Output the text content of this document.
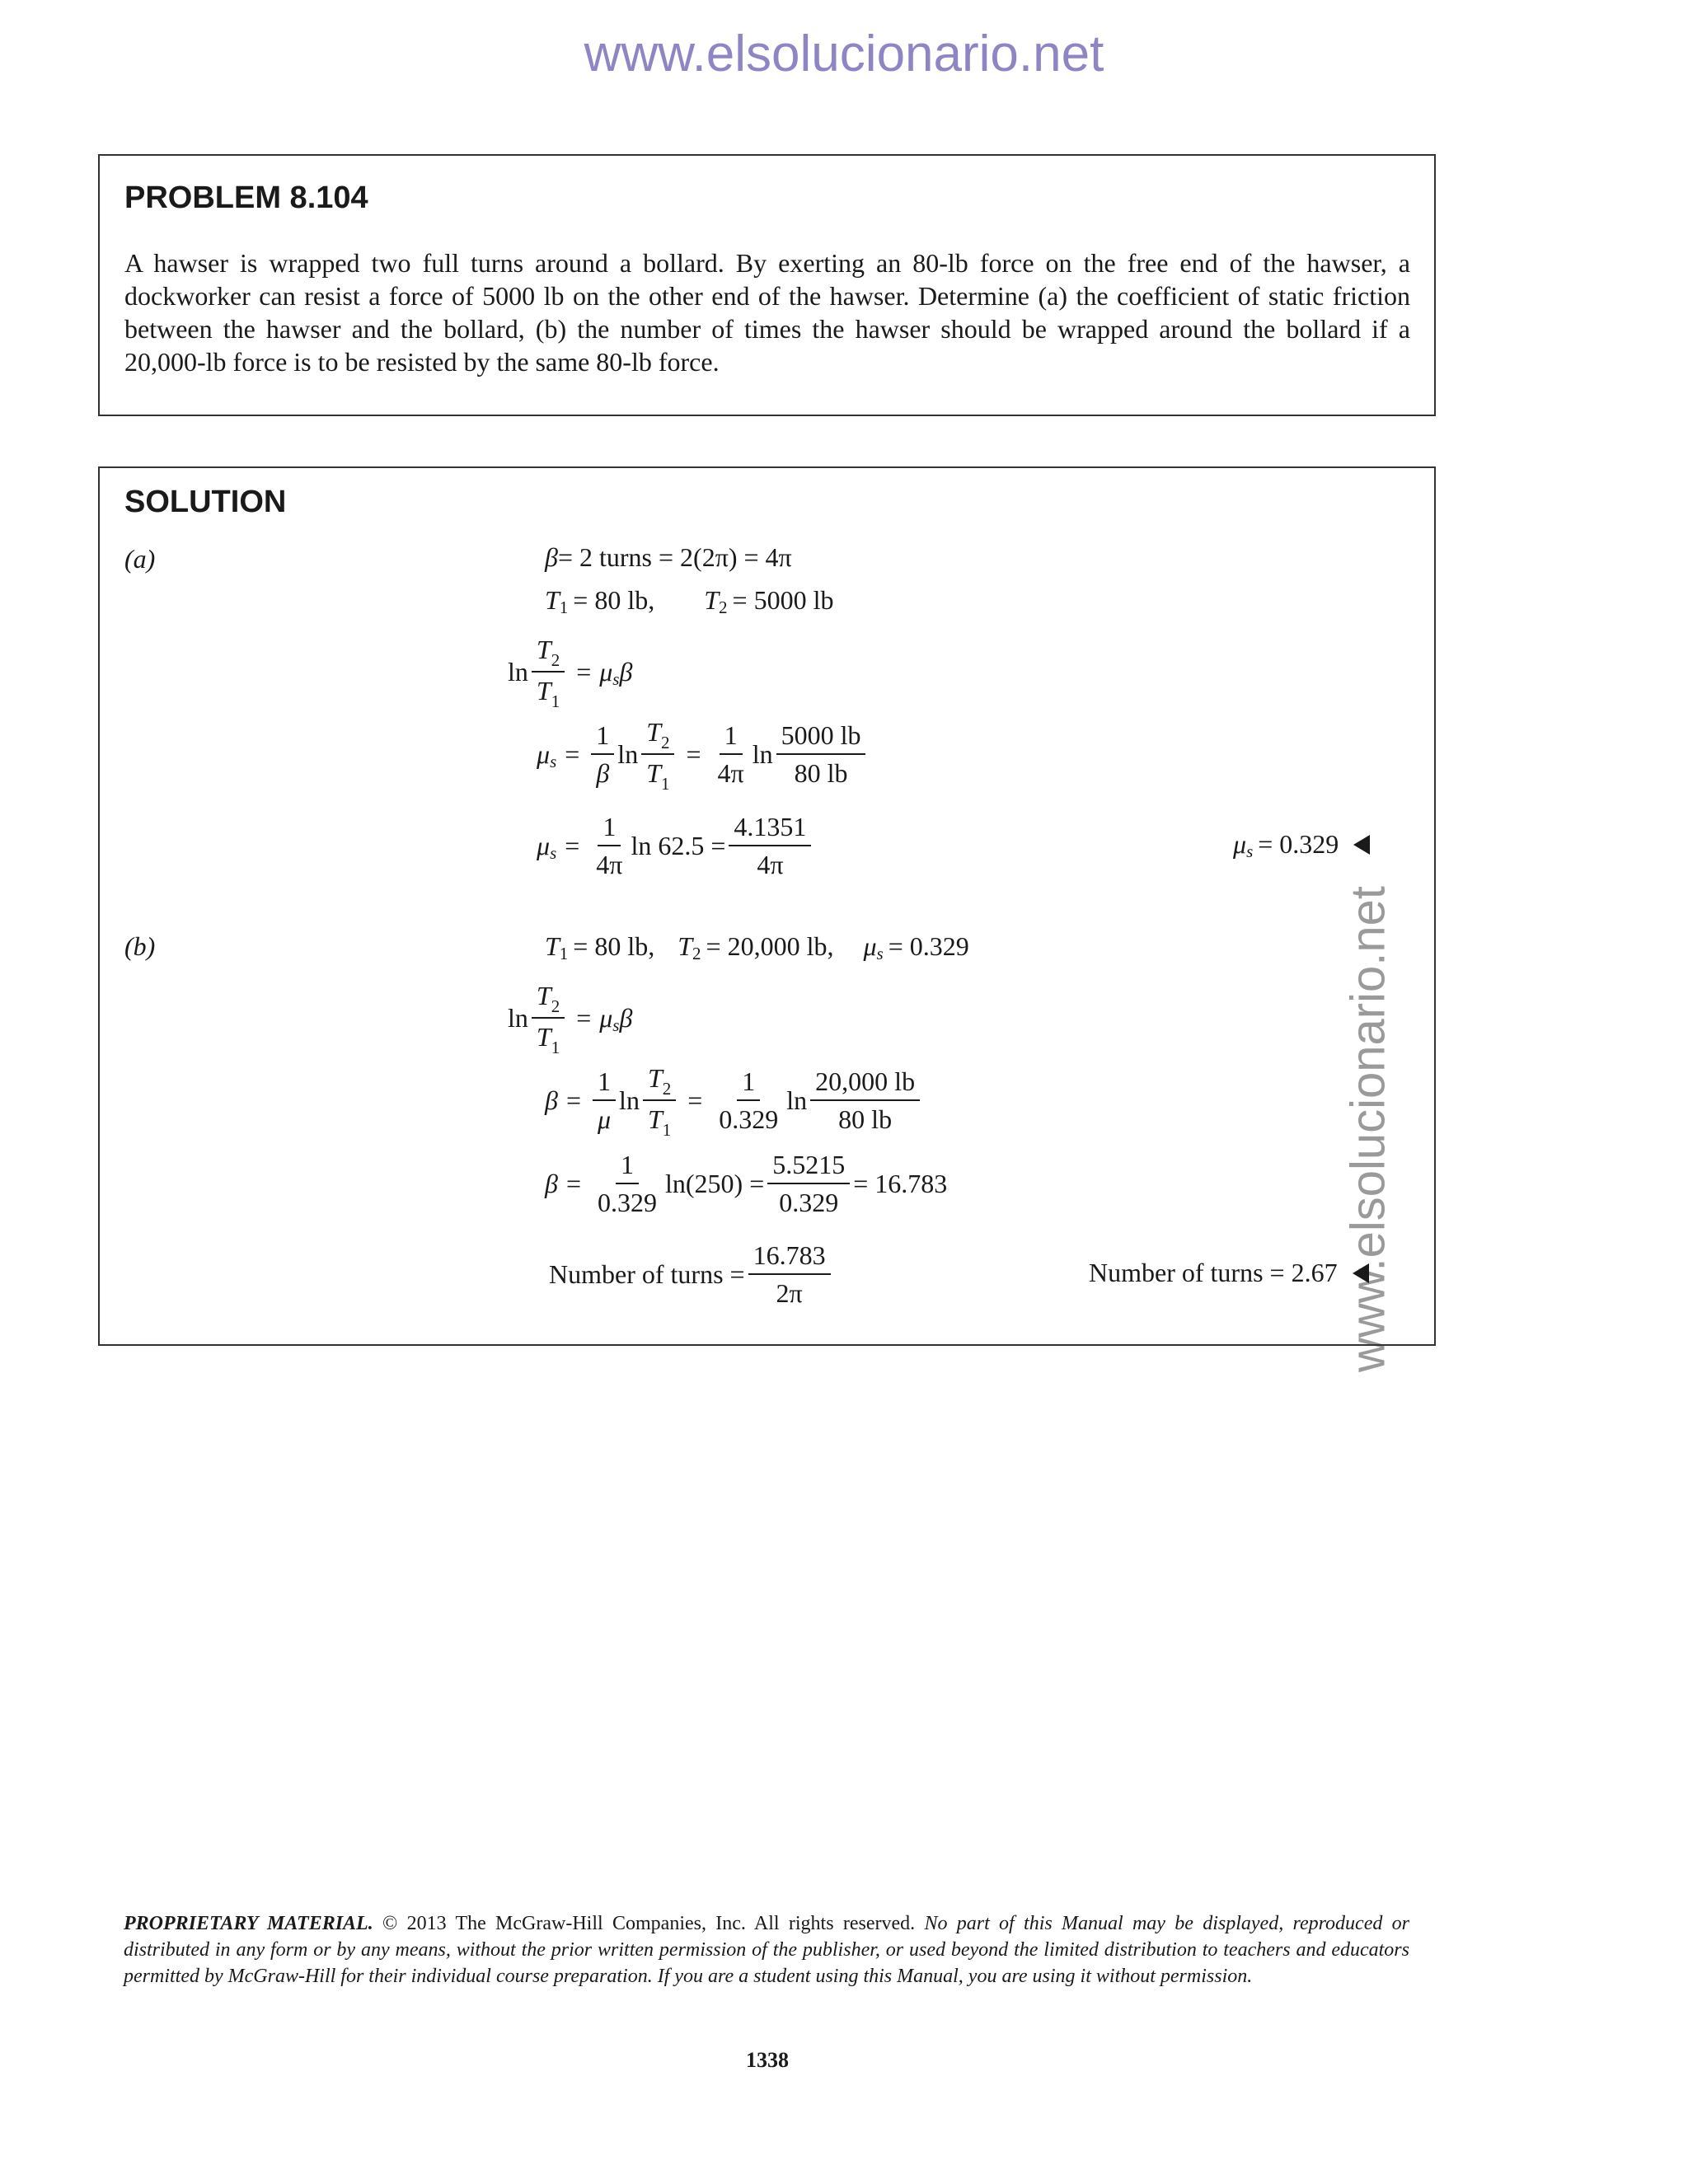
www.elsolucionario.net
www.elsolucionario.net
PROBLEM 8.104
A hawser is wrapped two full turns around a bollard. By exerting an 80-lb force on the free end of the hawser, a dockworker can resist a force of 5000 lb on the other end of the hawser. Determine (a) the coefficient of static friction between the hawser and the bollard, (b) the number of times the hawser should be wrapped around the bollard if a 20,000-lb force is to be resisted by the same 80-lb force.
SOLUTION
(a)	β = 2 turns = 2(2π) = 4π
T 1 = 80 lb, T 2 = 5000 lb
$\ln \frac{T_2}{T_1} = \mu$ s β
μ $s = \frac{1}{\beta}$ $\ln \frac{T_2}{T_1} = \frac{1}{4\pi}$ $\ln \frac{5000 lb}{80 lb}$
μ $s = \frac{1}{4\pi}$ $\ln 62.5 = \frac{4.1351}{4\pi}$	μ s = 0.329
(b)	T 1 = 80 lb, T 2 = 20,000 lb, μ s = 0.329
$\ln \frac{T_2}{T_1} = \mu$ s β
$\beta = \frac{1}{\mu}$ $\ln \frac{T_2}{T_1} = \frac{1}{0.329}$ $\ln \frac{20,000 lb}{80 lb}$
$\beta = \frac{1}{0.329} \ln(250) = \frac{5.5215}{0.329} = 16.783$
Number of turns = $\frac{16.783}{2\pi}$	Number of turns = 2.67
PROPRIETARY MATERIAL. © 2013 The McGraw-Hill Companies, Inc. All rights reserved. No part of this Manual may be displayed, reproduced or distributed in any form or by any means, without the prior written permission of the publisher, or used beyond the limited distribution to teachers and educators permitted by McGraw-Hill for their individual course preparation. If you are a student using this Manual, you are using it without permission.
1338
